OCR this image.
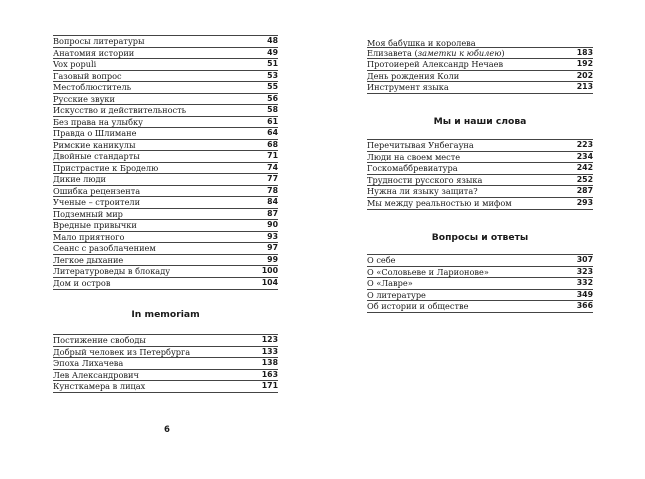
Вопросы литературы	48
Анатомия истории	49
Vox populi	51
Газовый вопрос	53
Местоблюститель	55
Русские звуки	56
Искусство и действительность	58
Без права на улыбку	61
Правда о Шлимане	64
Римские каникулы	68
Двойные стандарты	71
Пристрастие к Броделю	74
Дикие люди	77
Ошибка рецензента	78
Ученые – строители	84
Подземный мир	87
Вредные привычки	90
Мало приятного	93
Сеанс с разоблачением	97
Легкое дыхание	99
Литературоведы в блокаду	100
Дом и остров	104
In memoriam
Постижение свободы	123
Добрый человек из Петербурга	133
Эпоха Лихачева	138
Лев Александрович	163
Кунсткамера в лицах	171
6
Моя бабушка и королева
Елизавета (заметки к юбилею)	183
Протоиерей Александр Нечаев	192
День рождения Коли	202
Инструмент языка	213
Мы и наши слова
Перечитывая Унбегауна	223
Люди на своем месте	234
Госкомаббревиатура	242
Трудности русского языка	252
Нужна ли языку защита?	287
Мы между реальностью и мифом	293
Вопросы и ответы
О себе	307
О «Соловьеве и Ларионове»	323
О «Лавре»	332
О литературе	349
Об истории и обществе	366
